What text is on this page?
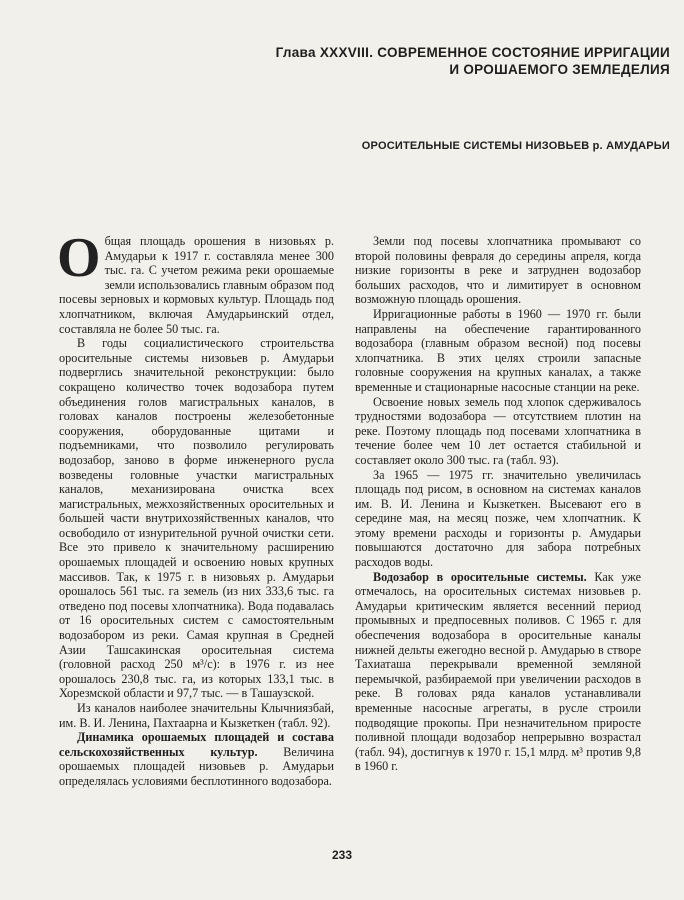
Глава XXXVIII. СОВРЕМЕННОЕ СОСТОЯНИЕ ИРРИГАЦИИ
И ОРОШАЕМОГО ЗЕМЛЕДЕЛИЯ
ОРОСИТЕЛЬНЫЕ СИСТЕМЫ НИЗОВЬЕВ р. АМУДАРЬИ

Общая площадь орошения в низовьях р. Амударьи к 1917 г. составляла менее 300 тыс. га. С учетом режима реки орошаемые земли использовались главным образом под посевы зерновых и кормовых культур. Площадь под хлопчатником, включая Амударьинский отдел, составляла не более 50 тыс. га.

В годы социалистического строительства оросительные системы низовьев р. Амударьи подверглись значительной реконструкции: было сокращено количество точек водозабора путем объединения голов магистральных каналов, в головах каналов построены железобетонные сооружения, оборудованные щитами и подъемниками, что позволило регулировать водозабор, заново в форме инженерного русла возведены головные участки магистральных каналов, механизирована очистка всех магистральных, межхозяйственных оросительных и большей части внутрихозяйственных каналов, что освободило от изнурительной ручной очистки сети. Все это привело к значительному расширению орошаемых площадей и освоению новых крупных массивов. Так, к 1975 г. в низовьях р. Амударьи орошалось 561 тыс. га земель (из них 333,6 тыс. га отведено под посевы хлопчатника). Вода подавалась от 16 оросительных систем с самостоятельным водозабором из реки. Самая крупная в Средней Азии Ташсакинская оросительная система (головной расход 250 м³/с): в 1976 г. из нее орошалось 230,8 тыс. га, из которых 133,1 тыс. в Хорезмской области и 97,7 тыс. — в Ташаузской.

Из каналов наиболее значительны Клычниязбай, им. В. И. Ленина, Пахтаарна и Кызкеткен (табл. 92).

Динамика орошаемых площадей и состава сельскохозяйственных культур. Величина орошаемых площадей низовьев р. Амударьи определялась условиями бесплотинного водозабора.

Земли под посевы хлопчатника промывают со второй половины февраля до середины апреля, когда низкие горизонты в реке и затруднен водозабор больших расходов, что и лимитирует в основном возможную площадь орошения.

Ирригационные работы в 1960 — 1970 гг. были направлены на обеспечение гарантированного водозабора (главным образом весной) под посевы хлопчатника. В этих целях строили запасные головные сооружения на крупных каналах, а также временные и стационарные насосные станции на реке.

Освоение новых земель под хлопок сдерживалось трудностями водозабора — отсутствием плотин на реке. Поэтому площадь под посевами хлопчатника в течение более чем 10 лет остается стабильной и составляет около 300 тыс. га (табл. 93).

За 1965 — 1975 гг. значительно увеличилась площадь под рисом, в основном на системах каналов им. В. И. Ленина и Кызкеткен. Высевают его в середине мая, на месяц позже, чем хлопчатник. К этому времени расходы и горизонты р. Амударьи повышаются достаточно для забора потребных расходов воды.

Водозабор в оросительные системы. Как уже отмечалось, на оросительных системах низовьев р. Амударьи критическим является весенний период промывных и предпосевных поливов. С 1965 г. для обеспечения водозабора в оросительные каналы нижней дельты ежегодно весной р. Амударью в створе Тахиаташа перекрывали временной земляной перемычкой, разбираемой при увеличении расходов в реке. В головах ряда каналов устанавливали временные насосные агрегаты, в русле строили подводящие прокопы. При незначительном приросте поливной площади водозабор непрерывно возрастал (табл. 94), достигнув к 1970 г. 15,1 млрд. м³ против 9,8 в 1960 г.

233
